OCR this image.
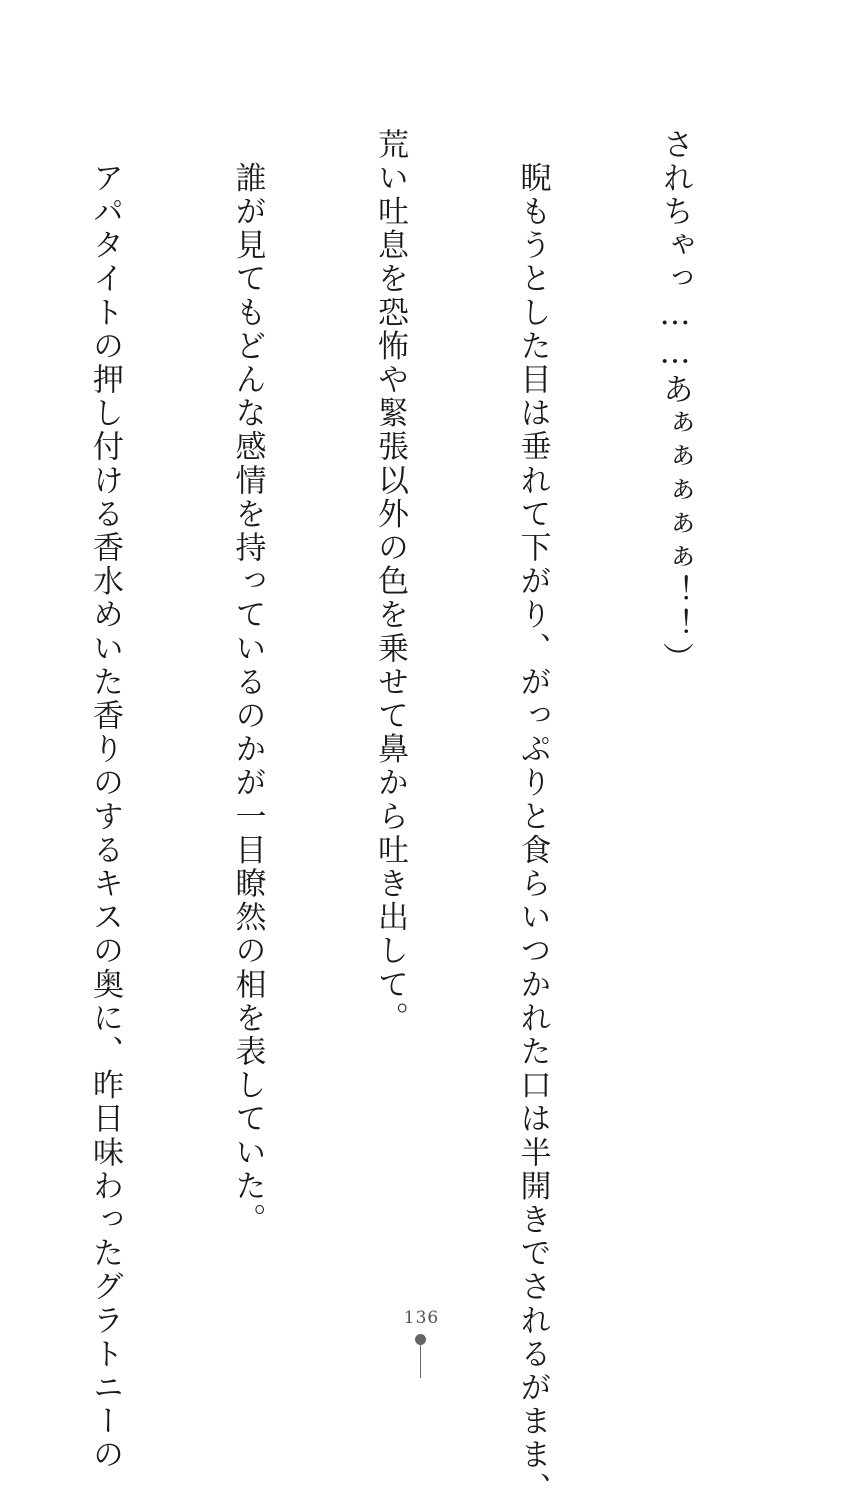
されちゃっ……あぁぁぁぁぁ！！）

　睨もうとした目は垂れて下がり、がっぷりと食らいつかれた口は半開きでされるがまま、

荒い吐息を恐怖や緊張以外の色を乗せて鼻から吐き出して。

　誰が見てもどんな感情を持っているのかが一目瞭然の相を表していた。

　アパタイトの押し付ける香水めいた香りのするキスの奥に、昨日味わったグラトニーの

	136
